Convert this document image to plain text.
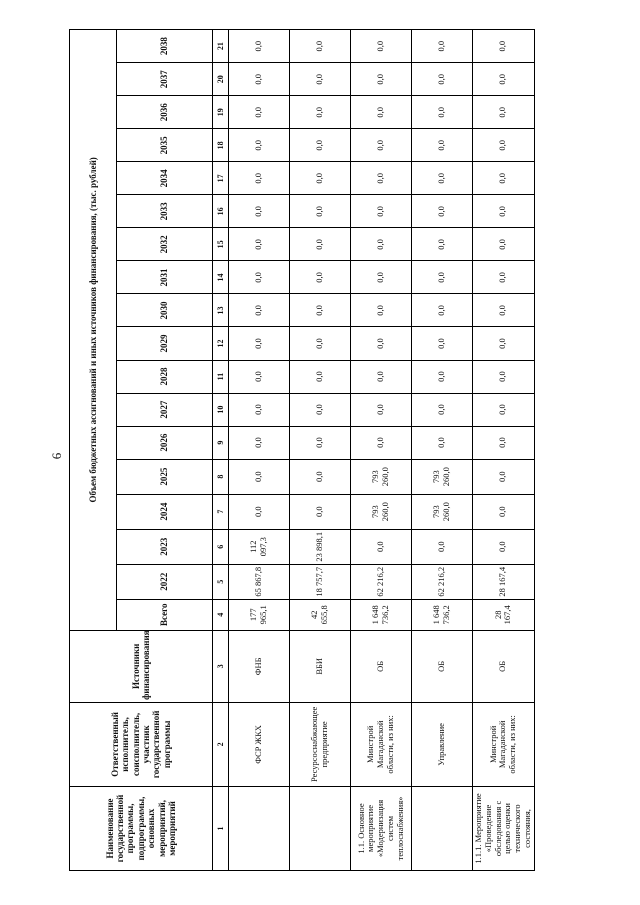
6
Наименование государственной программы, подпрограммы, основных мероприятий, мероприятий	Ответственный исполнитель, соисполнитель, участник государственной программы	Источники финансирования	Объем бюджетных ассигнований и иных источников финансирования, (тыс. рублей)																	
			Всего	2022	2023	2024	2025	2026	2027	2028	2029	2030	2031	2032	2033	2034	2035	2036	2037	2038
1	2	3	4	5	6	7	8	9	10	11	12	13	14	15	16	17	18	19	20	21
	ФСР ЖКХ	ФНБ	177 965,1	65 867,8	112 097,3	0,0	0,0	0,0	0,0	0,0	0,0	0,0	0,0	0,0	0,0	0,0	0,0	0,0	0,0	0,0
	Ресурсоснабжающее предприятие	ВБИ	42 655,8	18 757,7	23 898,1	0,0	0,0	0,0	0,0	0,0	0,0	0,0	0,0	0,0	0,0	0,0	0,0	0,0	0,0	0,0
1.1. Основное мероприятие «Модернизация систем теплоснабжения»	Минстрой Магаданской области, из них:	ОБ	1 648 736,2	62 216,2	0,0	793 260,0	793 260,0	0,0	0,0	0,0	0,0	0,0	0,0	0,0	0,0	0,0	0,0	0,0	0,0	0,0
	Управление	ОБ	1 648 736,2	62 216,2	0,0	793 260,0	793 260,0	0,0	0,0	0,0	0,0	0,0	0,0	0,0	0,0	0,0	0,0	0,0	0,0	0,0
1.1.1. Мероприятие «Проведение обследования с целью оценки технического состояния,	Минстрой Магаданской области, из них:	ОБ	28 167,4	28 167,4	0,0	0,0	0,0	0,0	0,0	0,0	0,0	0,0	0,0	0,0	0,0	0,0	0,0	0,0	0,0	0,0
